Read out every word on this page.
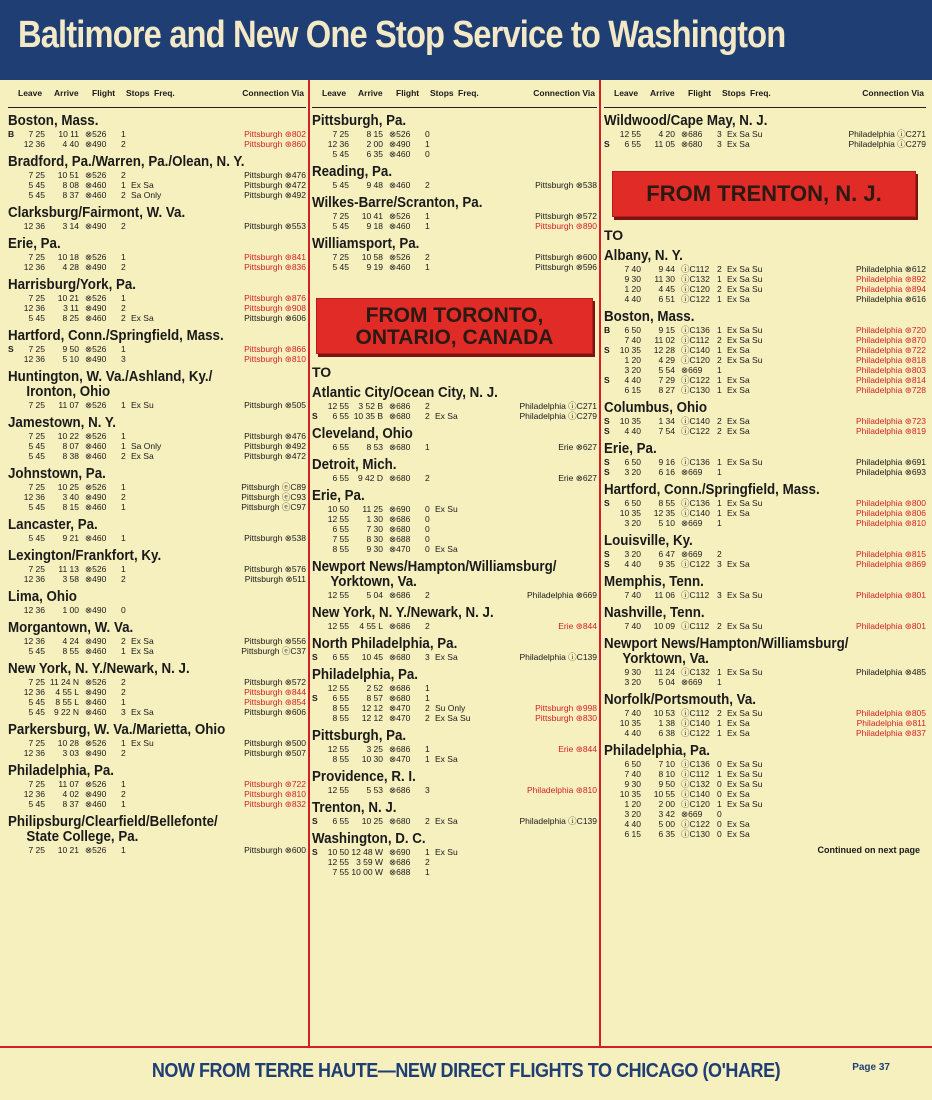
Baltimore and New One Stop Service to Washington
Leave	Arrive	Flight	Stops Freq.	Connection Via
Boston, Mass.
B	7 25	10 11 ⊗526	1	Pittsburgh ⊛802
12 36	4 40 ⊗490	2	Pittsburgh ⊛860
Bradford, Pa./Warren, Pa./Olean, N. Y.
7 25	10 51 ⊗526	2	Pittsburgh ⊗476
5 45	8 08 ⊗460	1 Ex Sa	Pittsburgh ⊗472
5 45	8 37 ⊗460	2 Sa Only	Pittsburgh ⊗492
Clarksburg/Fairmont, W. Va.
12 36	3 14 ⊗490	2	Pittsburgh ⊗553
Erie, Pa.
7 25	10 18 ⊗526	1	Pittsburgh ⊛841
12 36	4 28 ⊗490	2	Pittsburgh ⊛836
Harrisburg/York, Pa.
7 25	10 21 ⊗526	1	Pittsburgh ⊛876
12 36	3 11 ⊗490	2	Pittsburgh ⊛908
5 45	8 25 ⊗460	2 Ex Sa	Pittsburgh ⊗606
Hartford, Conn./Springfield, Mass.
S	7 25	9 50 ⊗526	1	Pittsburgh ⊛866
12 36	5 10 ⊗490	3	Pittsburgh ⊛810
Huntington, W. Va./Ashland, Ky./
Ironton, Ohio
7 25	11 07 ⊗526	1 Ex Su	Pittsburgh ⊗505
Jamestown, N. Y.
7 25	10 22 ⊗526	1	Pittsburgh ⊗476
5 45	8 07 ⊗460	1 Sa Only	Pittsburgh ⊗492
5 45	8 38 ⊗460	2 Ex Sa	Pittsburgh ⊗472
Johnstown, Pa.
7 25	10 25 ⊗526	1	Pittsburgh ⓔC89
12 36	3 40 ⊗490	2	Pittsburgh ⓔC93
5 45	8 15 ⊗460	1	Pittsburgh ⓔC97
Lancaster, Pa.
5 45	9 21 ⊗460	1	Pittsburgh ⊗538
Lexington/Frankfort, Ky.
7 25	11 13 ⊗526	1	Pittsburgh ⊗576
12 36	3 58 ⊗490	2	Pittsburgh ⊗511
Lima, Ohio
12 36	1 00 ⊗490	0
Morgantown, W. Va.
12 36	4 24 ⊗490	2 Ex Sa	Pittsburgh ⊗556
5 45	8 55 ⊗460	1 Ex Sa	Pittsburgh ⓔC37
New York, N. Y./Newark, N. J.
7 25 11 24 N ⊗526	2	Pittsburgh ⊗572
12 36	4 55 L ⊗490	2	Pittsburgh ⊛844
5 45	8 55 L ⊗460	1	Pittsburgh ⊛854
5 45	9 22 N ⊗460	3 Ex Sa	Pittsburgh ⊗606
Parkersburg, W. Va./Marietta, Ohio
7 25	10 28 ⊗526	1 Ex Su	Pittsburgh ⊗500
12 36	3 03 ⊗490	2	Pittsburgh ⊗507
Philadelphia, Pa.
7 25	11 07 ⊗526	1	Pittsburgh ⊛722
12 36	4 02 ⊗490	2	Pittsburgh ⊛810
5 45	8 37 ⊗460	1	Pittsburgh ⊛832
Philipsburg/Clearfield/Bellefonte/
State College, Pa.
7 25	10 21 ⊗526	1	Pittsburgh ⊗600
Leave	Arrive	Flight	Stops Freq.	Connection Via
Pittsburgh, Pa.
7 25	8 15 ⊗526	0
12 36	2 00 ⊗490	1
5 45	6 35 ⊗460	0
Reading, Pa.
5 45	9 48 ⊗460	2	Pittsburgh ⊗538
Wilkes-Barre/Scranton, Pa.
7 25	10 41 ⊗526	1	Pittsburgh ⊗572
5 45	9 18 ⊗460	1	Pittsburgh ⊛890
Williamsport, Pa.
7 25	10 58 ⊗526	2	Pittsburgh ⊗600
5 45	9 19 ⊗460	1	Pittsburgh ⊗596
FROM TORONTO,
ONTARIO, CANADA
TO
Atlantic City/Ocean City, N. J.
12 55	3 52 B ⊗686	2	Philadelphia ⓘC271
S	6 55 10 35 B ⊗680	2 Ex Sa	Philadelphia ⓘC279
Cleveland, Ohio
6 55	8 53 ⊗680	1	Erie ⊗627
Detroit, Mich.
6 55	9 42 D ⊗680	2	Erie ⊗627
Erie, Pa.
10 50	11 25 ⊗690	0 Ex Su
12 55	1 30 ⊗686	0
6 55	7 30 ⊗680	0
7 55	8 30 ⊗688	0
8 55	9 30 ⊗470	0 Ex Sa
Newport News/Hampton/Williamsburg/
Yorktown, Va.
12 55	5 04 ⊗686	2	Philadelphia ⊗669
New York, N. Y./Newark, N. J.
12 55	4 55 L ⊗686	2	Erie ⊛844
North Philadelphia, Pa.
S	6 55	10 45 ⊗680	3 Ex Sa	Philadelphia ⓘC139
Philadelphia, Pa.
12 55	2 52 ⊗686	1
S	6 55	8 57 ⊗680	1
8 55	12 12 ⊗470	2 Su Only	Pittsburgh ⊛998
8 55	12 12 ⊗470	2 Ex Sa Su	Pittsburgh ⊛830
Pittsburgh, Pa.
12 55	3 25 ⊗686	1	Erie ⊛844
8 55	10 30 ⊗470	1 Ex Sa
Providence, R. I.
12 55	5 53 ⊗686	3	Philadelphia ⊛810
Trenton, N. J.
S	6 55	10 25 ⊗680	2 Ex Sa	Philadelphia ⓘC139
Washington, D. C.
S	10 50 12 48 W ⊗690	1 Ex Su
12 55 3 59 W ⊗686	2
7 55 10 00 W ⊗688	1
Leave	Arrive	Flight	Stops Freq.	Connection Via
Wildwood/Cape May, N. J.
12 55	4 20 ⊗686	3 Ex Sa Su	Philadelphia ⓘC271
S	6 55	11 05 ⊗680	3 Ex Sa	Philadelphia ⓘC279
FROM TRENTON, N. J.
TO
Albany, N. Y.
7 40	9 44 ⓘC112 2 Ex Sa Su	Philadelphia ⊗612
9 30	11 30 ⓘC132 1 Ex Sa Su	Philadelphia ⊛892
1 20	4 45 ⓘC120 2 Ex Sa Su	Philadelphia ⊛894
4 40	6 51 ⓘC122 1 Ex Sa	Philadelphia ⊗616
Boston, Mass.
B	6 50	9 15 ⓘC136 1 Ex Sa Su	Philadelphia ⊛720
7 40	11 02 ⓘC112 2 Ex Sa Su	Philadelphia ⊛870
S	10 35	12 28 ⓘC140 1 Ex Sa	Philadelphia ⊛722
1 20	4 29 ⓘC120 2 Ex Sa Su	Philadelphia ⊛818
3 20	5 54 ⊗669	1	Philadelphia ⊛803
S	4 40	7 29 ⓘC122 1 Ex Sa	Philadelphia ⊛814
6 15	8 27 ⓘC130 1 Ex Sa	Philadelphia ⊛728
Columbus, Ohio
S	10 35	1 34 ⓘC140 2 Ex Sa	Philadelphia ⊛723
S	4 40	7 54 ⓘC122 2 Ex Sa	Philadelphia ⊛819
Erie, Pa.
S	6 50	9 16 ⓘC136 1 Ex Sa Su	Philadelphia ⊗691
S	3 20	6 16 ⊗669	1	Philadelphia ⊗693
Hartford, Conn./Springfield, Mass.
S	6 50	8 55 ⓘC136 1 Ex Sa Su	Philadelphia ⊛800
10 35	12 35 ⓘC140 1 Ex Sa	Philadelphia ⊛806
3 20	5 10 ⊗669	1	Philadelphia ⊛810
Louisville, Ky.
S	3 20	6 47 ⊗669	2	Philadelphia ⊛815
S	4 40	9 35 ⓘC122 3 Ex Sa	Philadelphia ⊛869
Memphis, Tenn.
7 40	11 06 ⓘC112 3 Ex Sa Su	Philadelphia ⊛801
Nashville, Tenn.
7 40	10 09 ⓘC112 2 Ex Sa Su	Philadelphia ⊛801
Newport News/Hampton/Williamsburg/
Yorktown, Va.
9 30	11 24 ⓘC132 1 Ex Sa Su	Philadelphia ⊗485
3 20	5 04 ⊗669	1
Norfolk/Portsmouth, Va.
7 40	10 53 ⓘC112 2 Ex Sa Su	Philadelphia ⊛805
10 35	1 38 ⓘC140 1 Ex Sa	Philadelphia ⊛811
4 40	6 38 ⓘC122 1 Ex Sa	Philadelphia ⊛837
Philadelphia, Pa.
6 50	7 10 ⓘC136 0 Ex Sa Su
7 40	8 10 ⓘC112 1 Ex Sa Su
9 30	9 50 ⓘC132 0 Ex Sa Su
10 35	10 55 ⓘC140 0 Ex Sa
1 20	2 00 ⓘC120 1 Ex Sa Su
3 20	3 42 ⊗669	0
4 40	5 00 ⓘC122 0 Ex Sa
6 15	6 35 ⓘC130 0 Ex Sa
Continued on next page
NOW FROM TERRE HAUTE—NEW DIRECT FLIGHTS TO CHICAGO (O'HARE)	Page 37
